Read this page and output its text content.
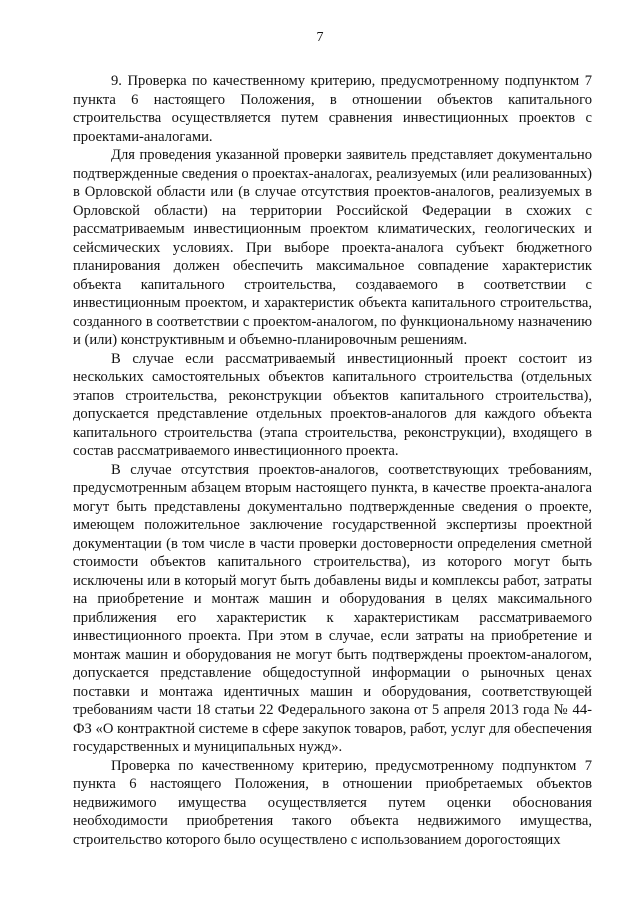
7

9. Проверка по качественному критерию, предусмотренному подпунктом 7 пункта 6 настоящего Положения, в отношении объектов капитального строительства осуществляется путем сравнения инвестиционных проектов с проектами-аналогами.

Для проведения указанной проверки заявитель представляет документально подтвержденные сведения о проектах-аналогах, реализуемых (или реализованных) в Орловской области или (в случае отсутствия проектов-аналогов, реализуемых в Орловской области) на территории Российской Федерации в схожих с рассматриваемым инвестиционным проектом климатических, геологических и сейсмических условиях. При выборе проекта-аналога субъект бюджетного планирования должен обеспечить максимальное совпадение характеристик объекта капитального строительства, создаваемого в соответствии с инвестиционным проектом, и характеристик объекта капитального строительства, созданного в соответствии с проектом-аналогом, по функциональному назначению и (или) конструктивным и объемно-планировочным решениям.

В случае если рассматриваемый инвестиционный проект состоит из нескольких самостоятельных объектов капитального строительства (отдельных этапов строительства, реконструкции объектов капитального строительства), допускается представление отдельных проектов-аналогов для каждого объекта капитального строительства (этапа строительства, реконструкции), входящего в состав рассматриваемого инвестиционного проекта.

В случае отсутствия проектов-аналогов, соответствующих требованиям, предусмотренным абзацем вторым настоящего пункта, в качестве проекта-аналога могут быть представлены документально подтвержденные сведения о проекте, имеющем положительное заключение государственной экспертизы проектной документации (в том числе в части проверки достоверности определения сметной стоимости объектов капитального строительства), из которого могут быть исключены или в который могут быть добавлены виды и комплексы работ, затраты на приобретение и монтаж машин и оборудования в целях максимального приближения его характеристик к характеристикам рассматриваемого инвестиционного проекта. При этом в случае, если затраты на приобретение и монтаж машин и оборудования не могут быть подтверждены проектом-аналогом, допускается представление общедоступной информации о рыночных ценах поставки и монтажа идентичных машин и оборудования, соответствующей требованиям части 18 статьи 22 Федерального закона от 5 апреля 2013 года № 44-ФЗ «О контрактной системе в сфере закупок товаров, работ, услуг для обеспечения государственных и муниципальных нужд».

Проверка по качественному критерию, предусмотренному подпунктом 7 пункта 6 настоящего Положения, в отношении приобретаемых объектов недвижимого имущества осуществляется путем оценки обоснования необходимости приобретения такого объекта недвижимого имущества, строительство которого было осуществлено с использованием дорогостоящих
